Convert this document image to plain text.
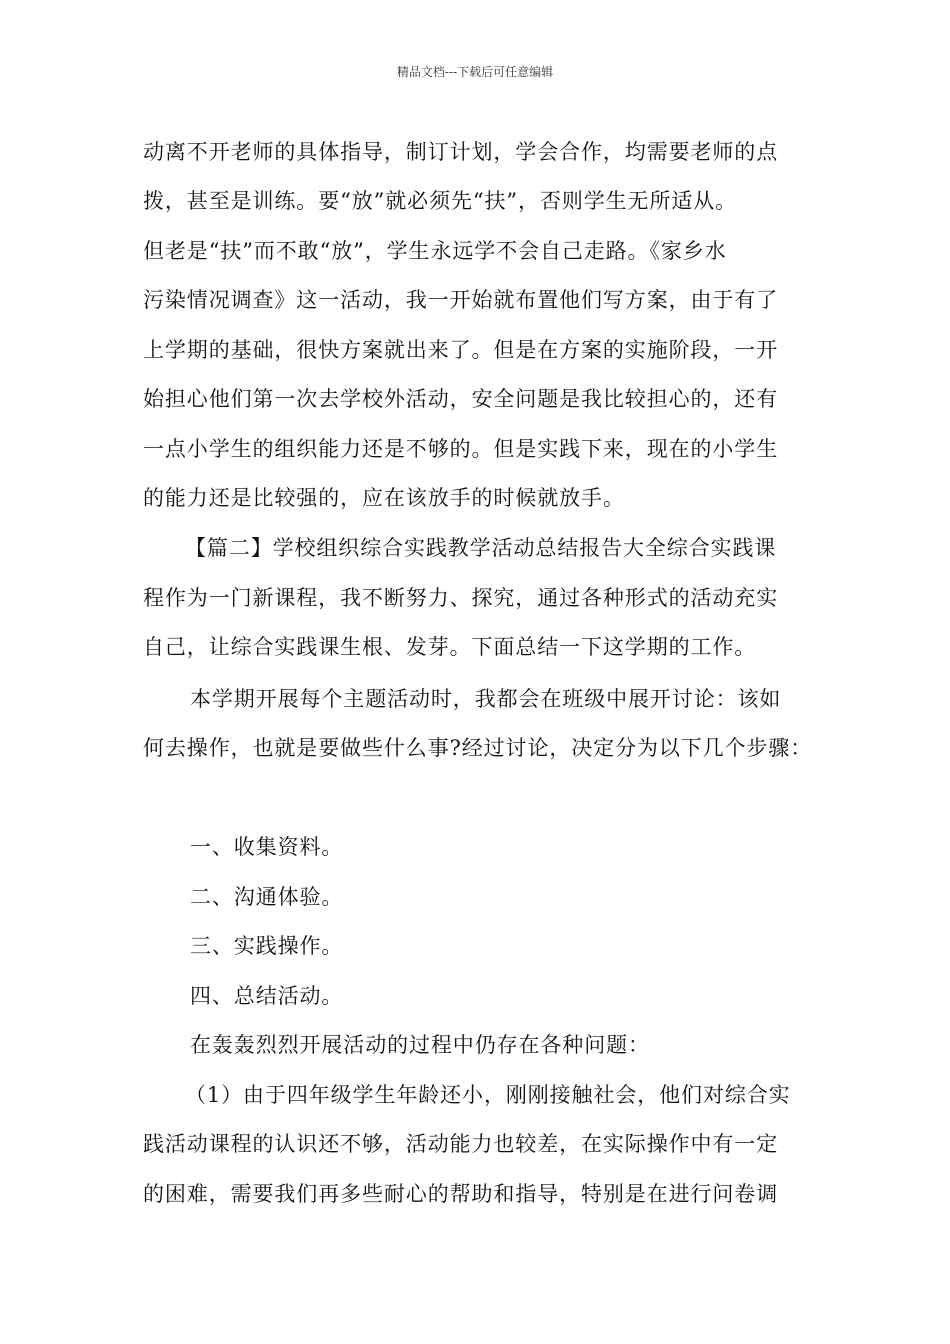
精品文档---下载后可任意编辑
动离不开老师的具体指导，制订计划，学会合作，均需要老师的点
拨，甚至是训练。要“放”就必须先“扶”，否则学生无所适从。
但老是“扶”而不敢“放”，学生永远学不会自己走路。《家乡水
污染情况调查》这一活动，我一开始就布置他们写方案，由于有了
上学期的基础，很快方案就出来了。但是在方案的实施阶段，一开
始担心他们第一次去学校外活动，安全问题是我比较担心的，还有
一点小学生的组织能力还是不够的。但是实践下来，现在的小学生
的能力还是比较强的，应在该放手的时候就放手。
【篇二】学校组织综合实践教学活动总结报告大全综合实践课
程作为一门新课程，我不断努力、探究，通过各种形式的活动充实
自己，让综合实践课生根、发芽。下面总结一下这学期的工作。
本学期开展每个主题活动时，我都会在班级中展开讨论：该如
何去操作，也就是要做些什么事?经过讨论，决定分为以下几个步骤：
一、收集资料。
二、沟通体验。
三、实践操作。
四、总结活动。
在轰轰烈烈开展活动的过程中仍存在各种问题：
（1）由于四年级学生年龄还小，刚刚接触社会，他们对综合实
践活动课程的认识还不够，活动能力也较差，在实际操作中有一定
的困难，需要我们再多些耐心的帮助和指导，特别是在进行问卷调
